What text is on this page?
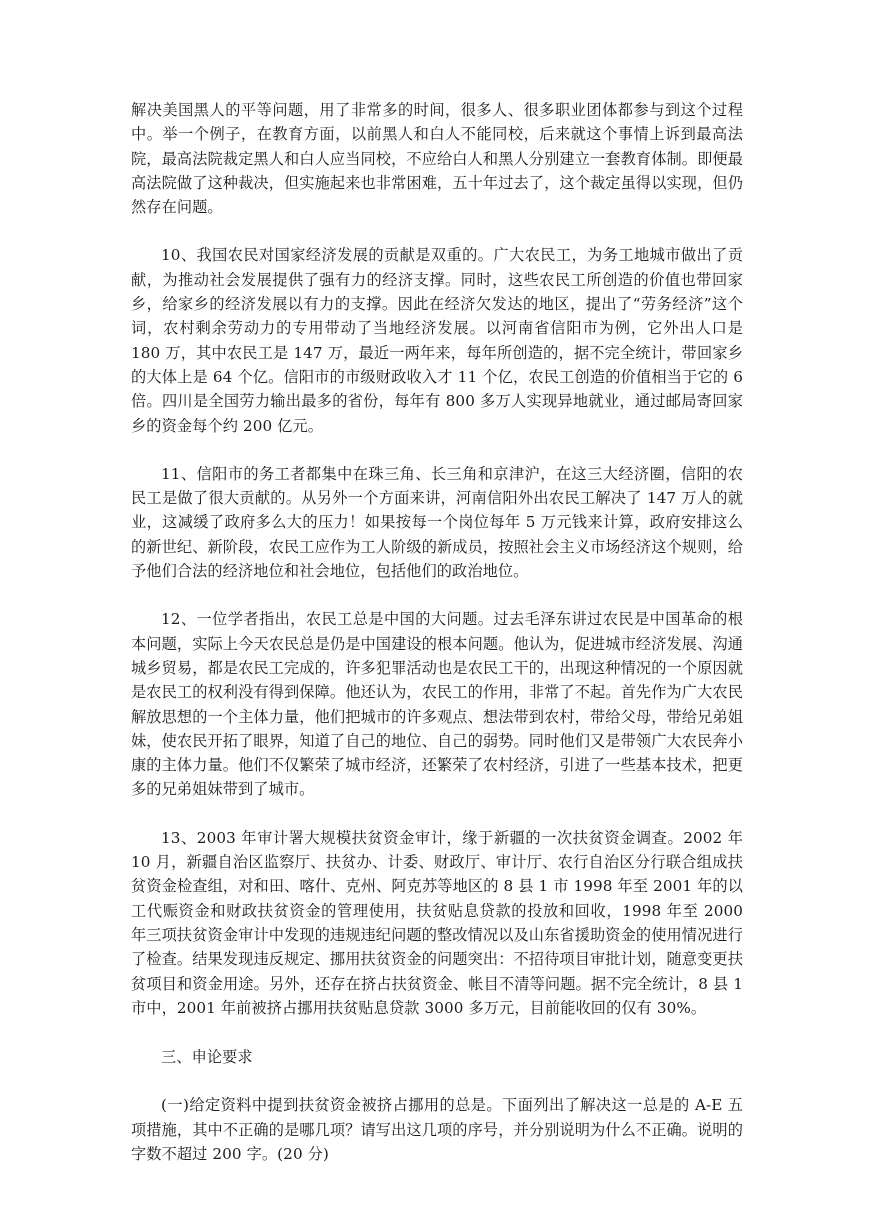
解决美国黑人的平等问题，用了非常多的时间，很多人、很多职业团体都参与到这个过程中。举一个例子，在教育方面，以前黑人和白人不能同校，后来就这个事情上诉到最高法院，最高法院裁定黑人和白人应当同校，不应给白人和黑人分别建立一套教育体制。即便最高法院做了这种裁决，但实施起来也非常困难，五十年过去了，这个裁定虽得以实现，但仍然存在问题。

10、我国农民对国家经济发展的贡献是双重的。广大农民工，为务工地城市做出了贡献，为推动社会发展提供了强有力的经济支撑。同时，这些农民工所创造的价值也带回家乡，给家乡的经济发展以有力的支撑。因此在经济欠发达的地区，提出了“劳务经济”这个词，农村剩余劳动力的专用带动了当地经济发展。以河南省信阳市为例，它外出人口是 180 万，其中农民工是 147 万，最近一两年来，每年所创造的，据不完全统计，带回家乡的大体上是 64 个亿。信阳市的市级财政收入才 11 个亿，农民工创造的价值相当于它的 6 倍。四川是全国劳力输出最多的省份，每年有 800 多万人实现异地就业，通过邮局寄回家乡的资金每个约 200 亿元。

11、信阳市的务工者都集中在珠三角、长三角和京津沪，在这三大经济圈，信阳的农民工是做了很大贡献的。从另外一个方面来讲，河南信阳外出农民工解决了 147 万人的就业，这减缓了政府多么大的压力！如果按每一个岗位每年 5 万元钱来计算，政府安排这么的新世纪、新阶段，农民工应作为工人阶级的新成员，按照社会主义市场经济这个规则，给予他们合法的经济地位和社会地位，包括他们的政治地位。

12、一位学者指出，农民工总是中国的大问题。过去毛泽东讲过农民是中国革命的根本问题，实际上今天农民总是仍是中国建设的根本问题。他认为，促进城市经济发展、沟通城乡贸易，都是农民工完成的，许多犯罪活动也是农民工干的，出现这种情况的一个原因就是农民工的权利没有得到保障。他还认为，农民工的作用，非常了不起。首先作为广大农民解放思想的一个主体力量，他们把城市的许多观点、想法带到农村，带给父母，带给兄弟姐妹，使农民开拓了眼界，知道了自己的地位、自己的弱势。同时他们又是带领广大农民奔小康的主体力量。他们不仅繁荣了城市经济，还繁荣了农村经济，引进了一些基本技术，把更多的兄弟姐妹带到了城市。

13、2003 年审计署大规模扶贫资金审计，缘于新疆的一次扶贫资金调查。2002 年 10 月，新疆自治区监察厅、扶贫办、计委、财政厅、审计厅、农行自治区分行联合组成扶贫资金检查组，对和田、喀什、克州、阿克苏等地区的 8 县 1 市 1998 年至 2001 年的以工代赈资金和财政扶贫资金的管理使用，扶贫贴息贷款的投放和回收，1998 年至 2000 年三项扶贫资金审计中发现的违规违纪问题的整改情况以及山东省援助资金的使用情况进行了检查。结果发现违反规定、挪用扶贫资金的问题突出：不招待项目审批计划，随意变更扶贫项目和资金用途。另外，还存在挤占扶贫资金、帐目不清等问题。据不完全统计，8 县 1 市中，2001 年前被挤占挪用扶贫贴息贷款 3000 多万元，目前能收回的仅有 30%。

三、申论要求

(一)给定资料中提到扶贫资金被挤占挪用的总是。下面列出了解决这一总是的 A-E 五项措施，其中不正确的是哪几项？请写出这几项的序号，并分别说明为什么不正确。说明的字数不超过 200 字。(20 分)
